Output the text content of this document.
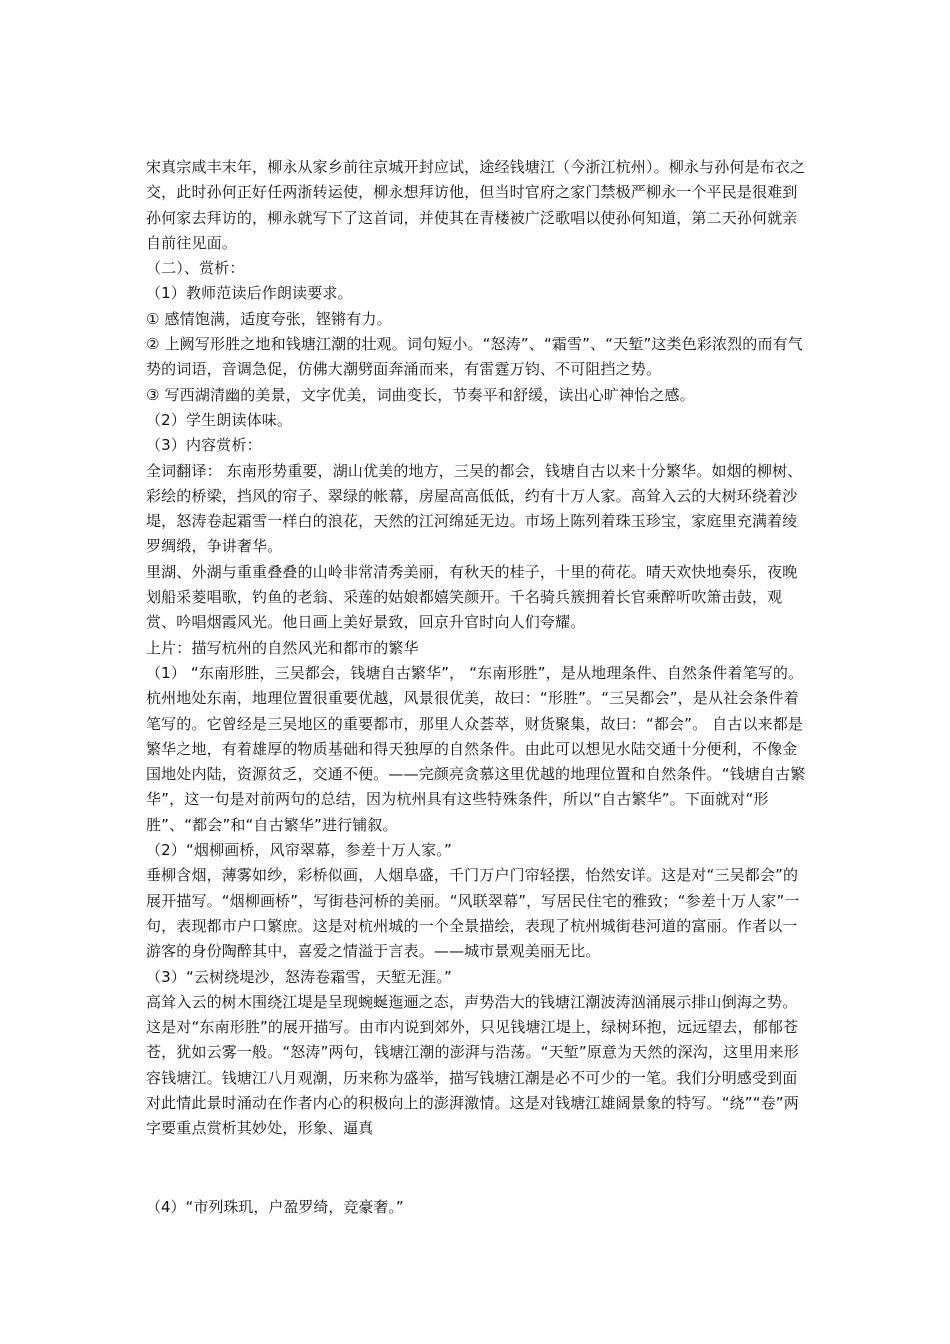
宋真宗咸丰末年，柳永从家乡前往京城开封应试，途经钱塘江（今浙江杭州）。柳永与孙何是布衣之交，此时孙何正好任两浙转运使，柳永想拜访他，但当时官府之家门禁极严柳永一个平民是很难到孙何家去拜访的，柳永就写下了这首词，并使其在青楼被广泛歌唱以使孙何知道，第二天孙何就亲自前往见面。

（二）、赏析：

（1）教师范读后作朗读要求。

① 感情饱满，适度夸张，铿锵有力。

② 上阙写形胜之地和钱塘江潮的壮观。词句短小。“怒涛”、“霜雪”、“天堑”这类色彩浓烈的而有气势的词语，音调急促，仿佛大潮劈面奔涌而来，有雷霆万钧、不可阻挡之势。

③ 写西湖清幽的美景，文字优美，词曲变长，节奏平和舒缓，读出心旷神怡之感。

（2）学生朗读体味。

（3）内容赏析：

全词翻译： 东南形势重要，湖山优美的地方，三吴的都会，钱塘自古以来十分繁华。如烟的柳树、彩绘的桥梁，挡风的帘子、翠绿的帐幕，房屋高高低低，约有十万人家。高耸入云的大树环绕着沙堤，怒涛卷起霜雪一样白的浪花，天然的江河绵延无边。市场上陈列着珠玉珍宝，家庭里充满着绫罗绸缎，争讲奢华。

里湖、外湖与重重叠叠的山岭非常清秀美丽，有秋天的桂子，十里的荷花。晴天欢快地奏乐，夜晚划船采菱唱歌，钓鱼的老翁、采莲的姑娘都嬉笑颜开。千名骑兵簇拥着长官乘醉听吹箫击鼓，观赏、吟唱烟霞风光。他日画上美好景致，回京升官时向人们夸耀。

上片：描写杭州的自然风光和都市的繁华

（1） “东南形胜，三吴都会，钱塘自古繁华”， “东南形胜”，是从地理条件、自然条件着笔写的。杭州地处东南，地理位置很重要优越，风景很优美，故曰：“形胜”。“三吴都会”，是从社会条件着笔写的。它曾经是三吴地区的重要都市，那里人众荟萃，财货聚集，故曰：“都会”。 自古以来都是繁华之地，有着雄厚的物质基础和得天独厚的自然条件。由此可以想见水陆交通十分便利，不像金国地处内陆，资源贫乏，交通不便。——完颜亮贪慕这里优越的地理位置和自然条件。“钱塘自古繁华”，这一句是对前两句的总结，因为杭州具有这些特殊条件，所以“自古繁华”。下面就对“形胜”、“都会”和“自古繁华”进行铺叙。

（2）“烟柳画桥，风帘翠幕，参差十万人家。”

垂柳含烟，薄雾如纱，彩桥似画，人烟阜盛，千门万户门帘轻摆，怡然安详。这是对“三吴都会”的展开描写。“烟柳画桥”，写街巷河桥的美丽。“风联翠幕”，写居民住宅的雅致；“参差十万人家”一句，表现都市户口繁庶。这是对杭州城的一个全景描绘，表现了杭州城街巷河道的富丽。作者以一游客的身份陶醉其中，喜爱之情溢于言表。——城市景观美丽无比。

（3）“云树绕堤沙，怒涛卷霜雪，天堑无涯。”

高耸入云的树木围绕江堤是呈现蜿蜒迤逦之态，声势浩大的钱塘江潮波涛汹涌展示排山倒海之势。这是对“东南形胜”的展开描写。由市内说到郊外，只见钱塘江堤上，绿树环抱，远远望去，郁郁苍苍，犹如云雾一般。“怒涛”两句，钱塘江潮的澎湃与浩荡。“天堑”原意为天然的深沟，这里用来形容钱塘江。钱塘江八月观潮，历来称为盛举，描写钱塘江潮是必不可少的一笔。我们分明感受到面对此情此景时涌动在作者内心的积极向上的澎湃激情。这是对钱塘江雄阔景象的特写。“绕”“卷”两字要重点赏析其妙处，形象、逼真

（4）“市列珠玑，户盈罗绮，竞豪奢。”
